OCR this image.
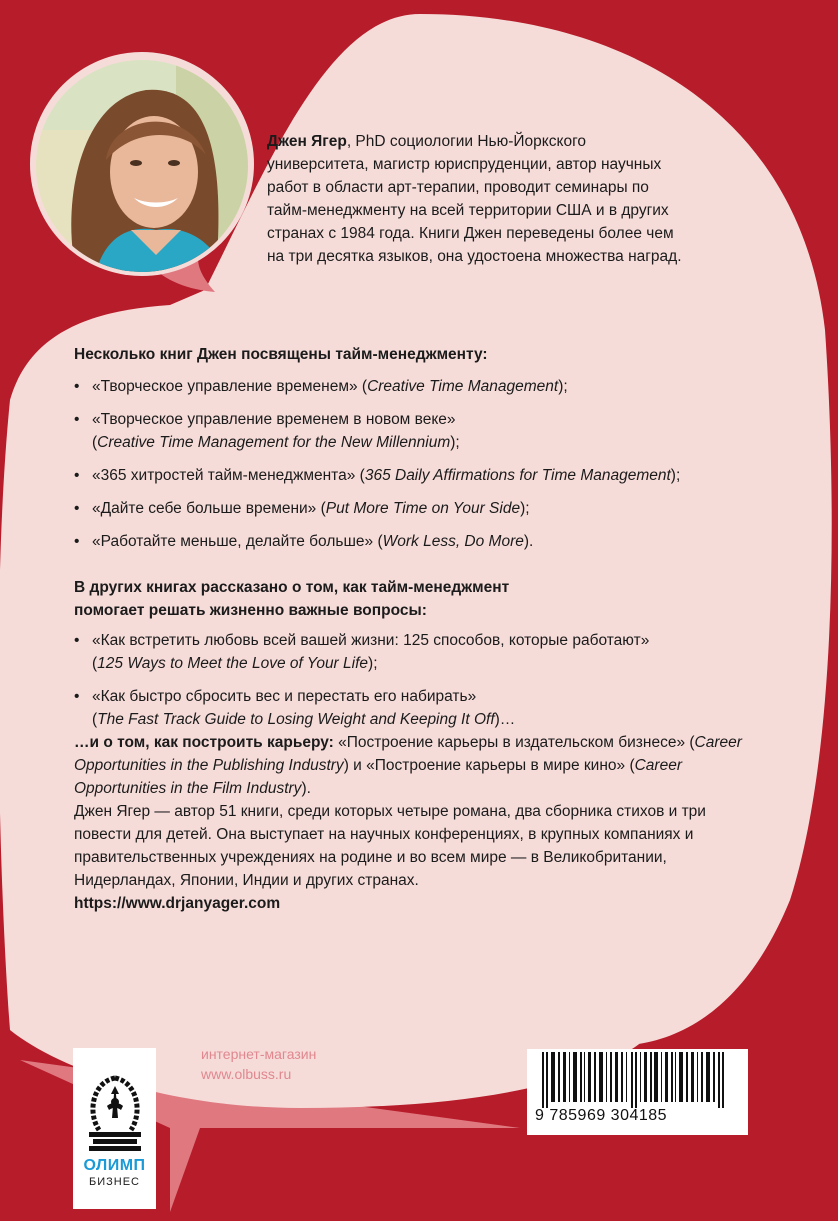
Джен Ягер, PhD социологии Нью-Йоркского университета, магистр юриспруденции, автор научных работ в области арт-терапии, проводит семинары по тайм-менеджменту на всей территории США и в других странах с 1984 года. Книги Джен переведены более чем на три десятка языков, она удостоена множества наград.

Несколько книг Джен посвящены тайм-менеджменту:

• «Творческое управление временем» (Creative Time Management);
• «Творческое управление временем в новом веке»
(Creative Time Management for the New Millennium);
• «365 хитростей тайм-менеджмента» (365 Daily Affirmations for Time Management);
• «Дайте себе больше времени» (Put More Time on Your Side);
• «Работайте меньше, делайте больше» (Work Less, Do More).

В других книгах рассказано о том, как тайм-менеджмент помогает решать жизненно важные вопросы:

• «Как встретить любовь всей вашей жизни: 125 способов, которые работают»
(125 Ways to Meet the Love of Your Life);
• «Как быстро сбросить вес и перестать его набирать»
(The Fast Track Guide to Losing Weight and Keeping It Off)…

…и о том, как построить карьеру: «Построение карьеры в издательском бизнесе» (Career Opportunities in the Publishing Industry) и «Построение карьеры в мире кино» (Career Opportunities in the Film Industry).

Джен Ягер — автор 51 книги, среди которых четыре романа, два сборника стихов и три повести для детей. Она выступает на научных конференциях, в крупных компаниях и правительственных учреждениях на родине и во всем мире — в Великобритании, Нидерландах, Японии, Индии и других странах.

https://www.drjanyager.com

интернет-магазин
www.olbuss.ru
ОЛИМП
БИЗНЕС
9 785969 304185
